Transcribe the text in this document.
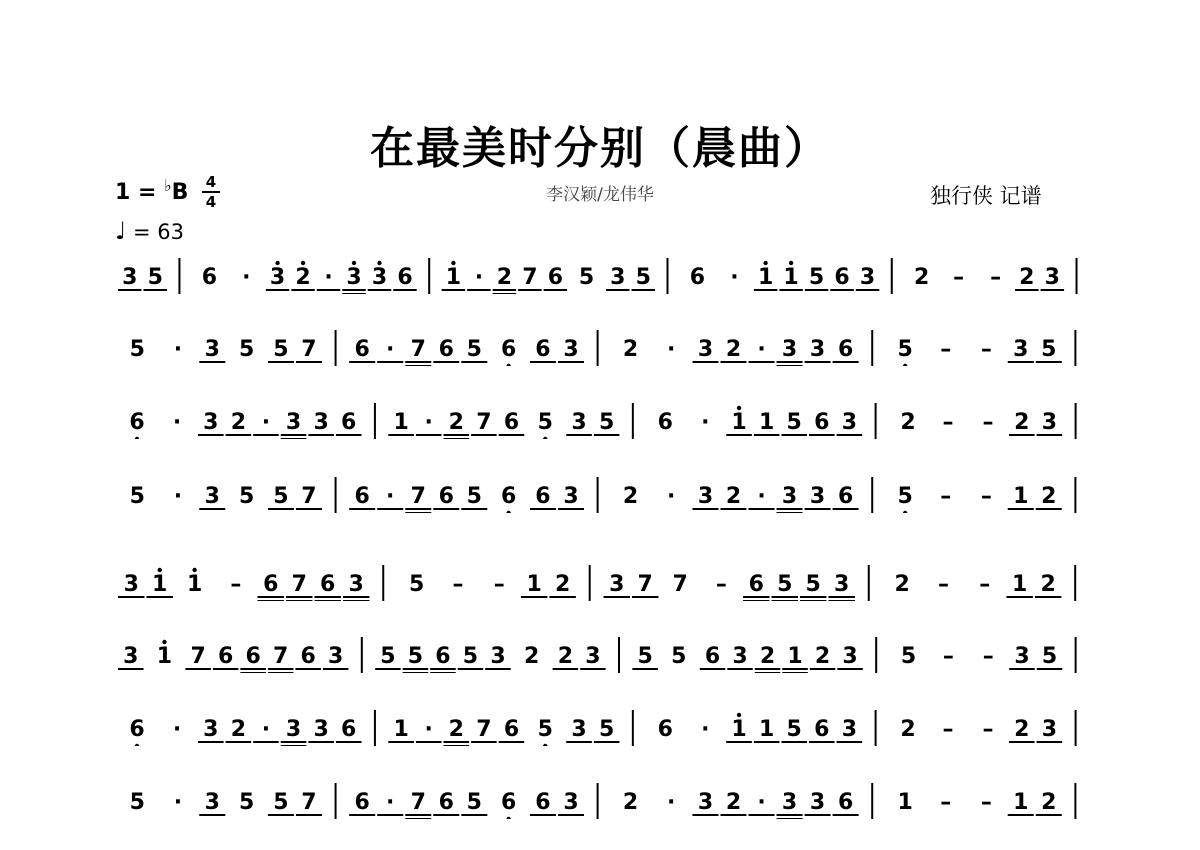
在最美时分别（晨曲）
李汉颖/龙伟华	独行侠 记谱
1 = ♭B 4
4
♩ = 63
3 5 6 · 3 2 · 3 3 6 1 · 2 7 6 5 3 5 6 · 1 1 5 6 3 2 – – 2 3
5 · 3 5 5 7 6 · 7 6 5 6 6 3 2 · 3 2 · 3 3 6 5 – – 3 5
6 · 3 2 · 3 3 6 1 · 2 7 6 5 3 5 6 · 1 1 5 6 3 2 – – 2 3
5 · 3 5 5 7 6 · 7 6 5 6 6 3 2 · 3 2 · 3 3 6 5 – – 1 2
3 1 1 – 6 7 6 3 5 – – 1 2 3 7 7 – 6 5 5 3 2 – – 1 2
3 1 7 6 6 7 6 3 5 5 6 5 3 2 2 3 5 5 6 3 2 1 2 3 5 – – 3 5
6 · 3 2 · 3 3 6 1 · 2 7 6 5 3 5 6 · 1 1 5 6 3 2 – – 2 3
5 · 3 5 5 7 6 · 7 6 5 6 6 3 2 · 3 2 · 3 3 6 1 – – 1 2
